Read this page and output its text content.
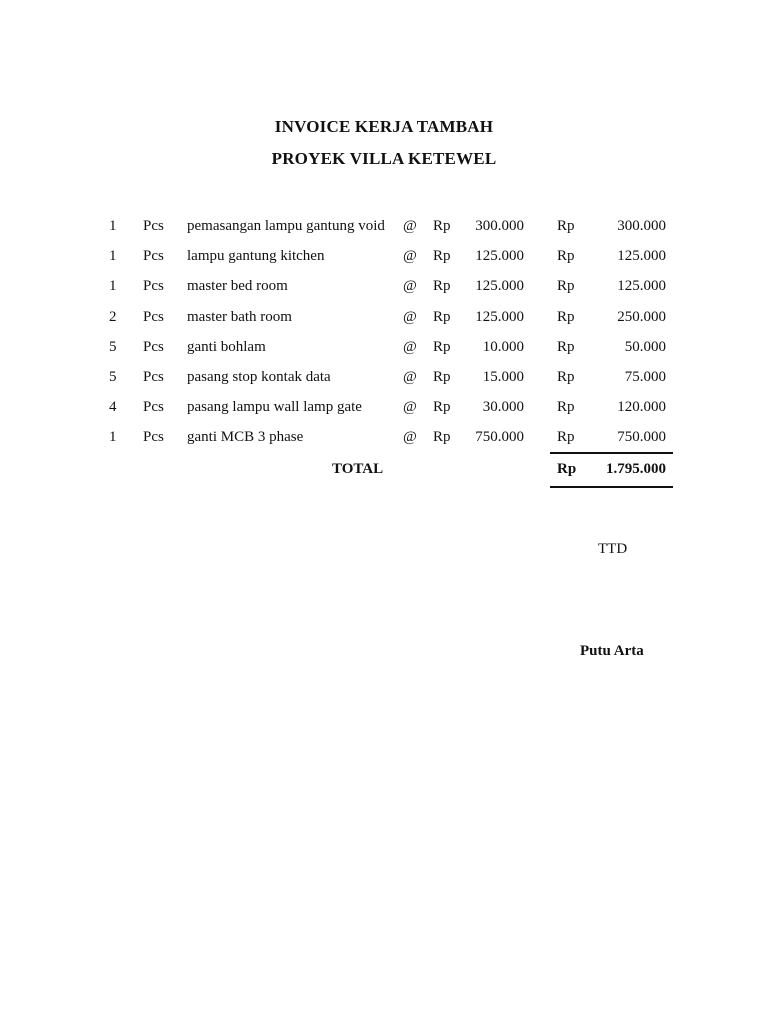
INVOICE KERJA TAMBAH
PROYEK VILLA KETEWEL
1 Pcs pemasangan lampu gantung void @ Rp 300.000 Rp	300.000
1 Pcs lampu gantung kitchen	@ Rp 125.000 Rp	125.000
1 Pcs master bed room	@ Rp 125.000 Rp	125.000
2 Pcs master bath room	@ Rp 125.000 Rp	250.000
5 Pcs ganti bohlam	@ Rp 10.000 Rp	50.000
5 Pcs pasang stop kontak data	@ Rp 15.000 Rp	75.000
4 Pcs pasang lampu wall lamp gate	@ Rp 30.000 Rp	120.000
1 Pcs ganti MCB 3 phase	@ Rp 750.000 Rp	750.000
TOTAL	Rp 1.795.000
TTD
Putu Arta
